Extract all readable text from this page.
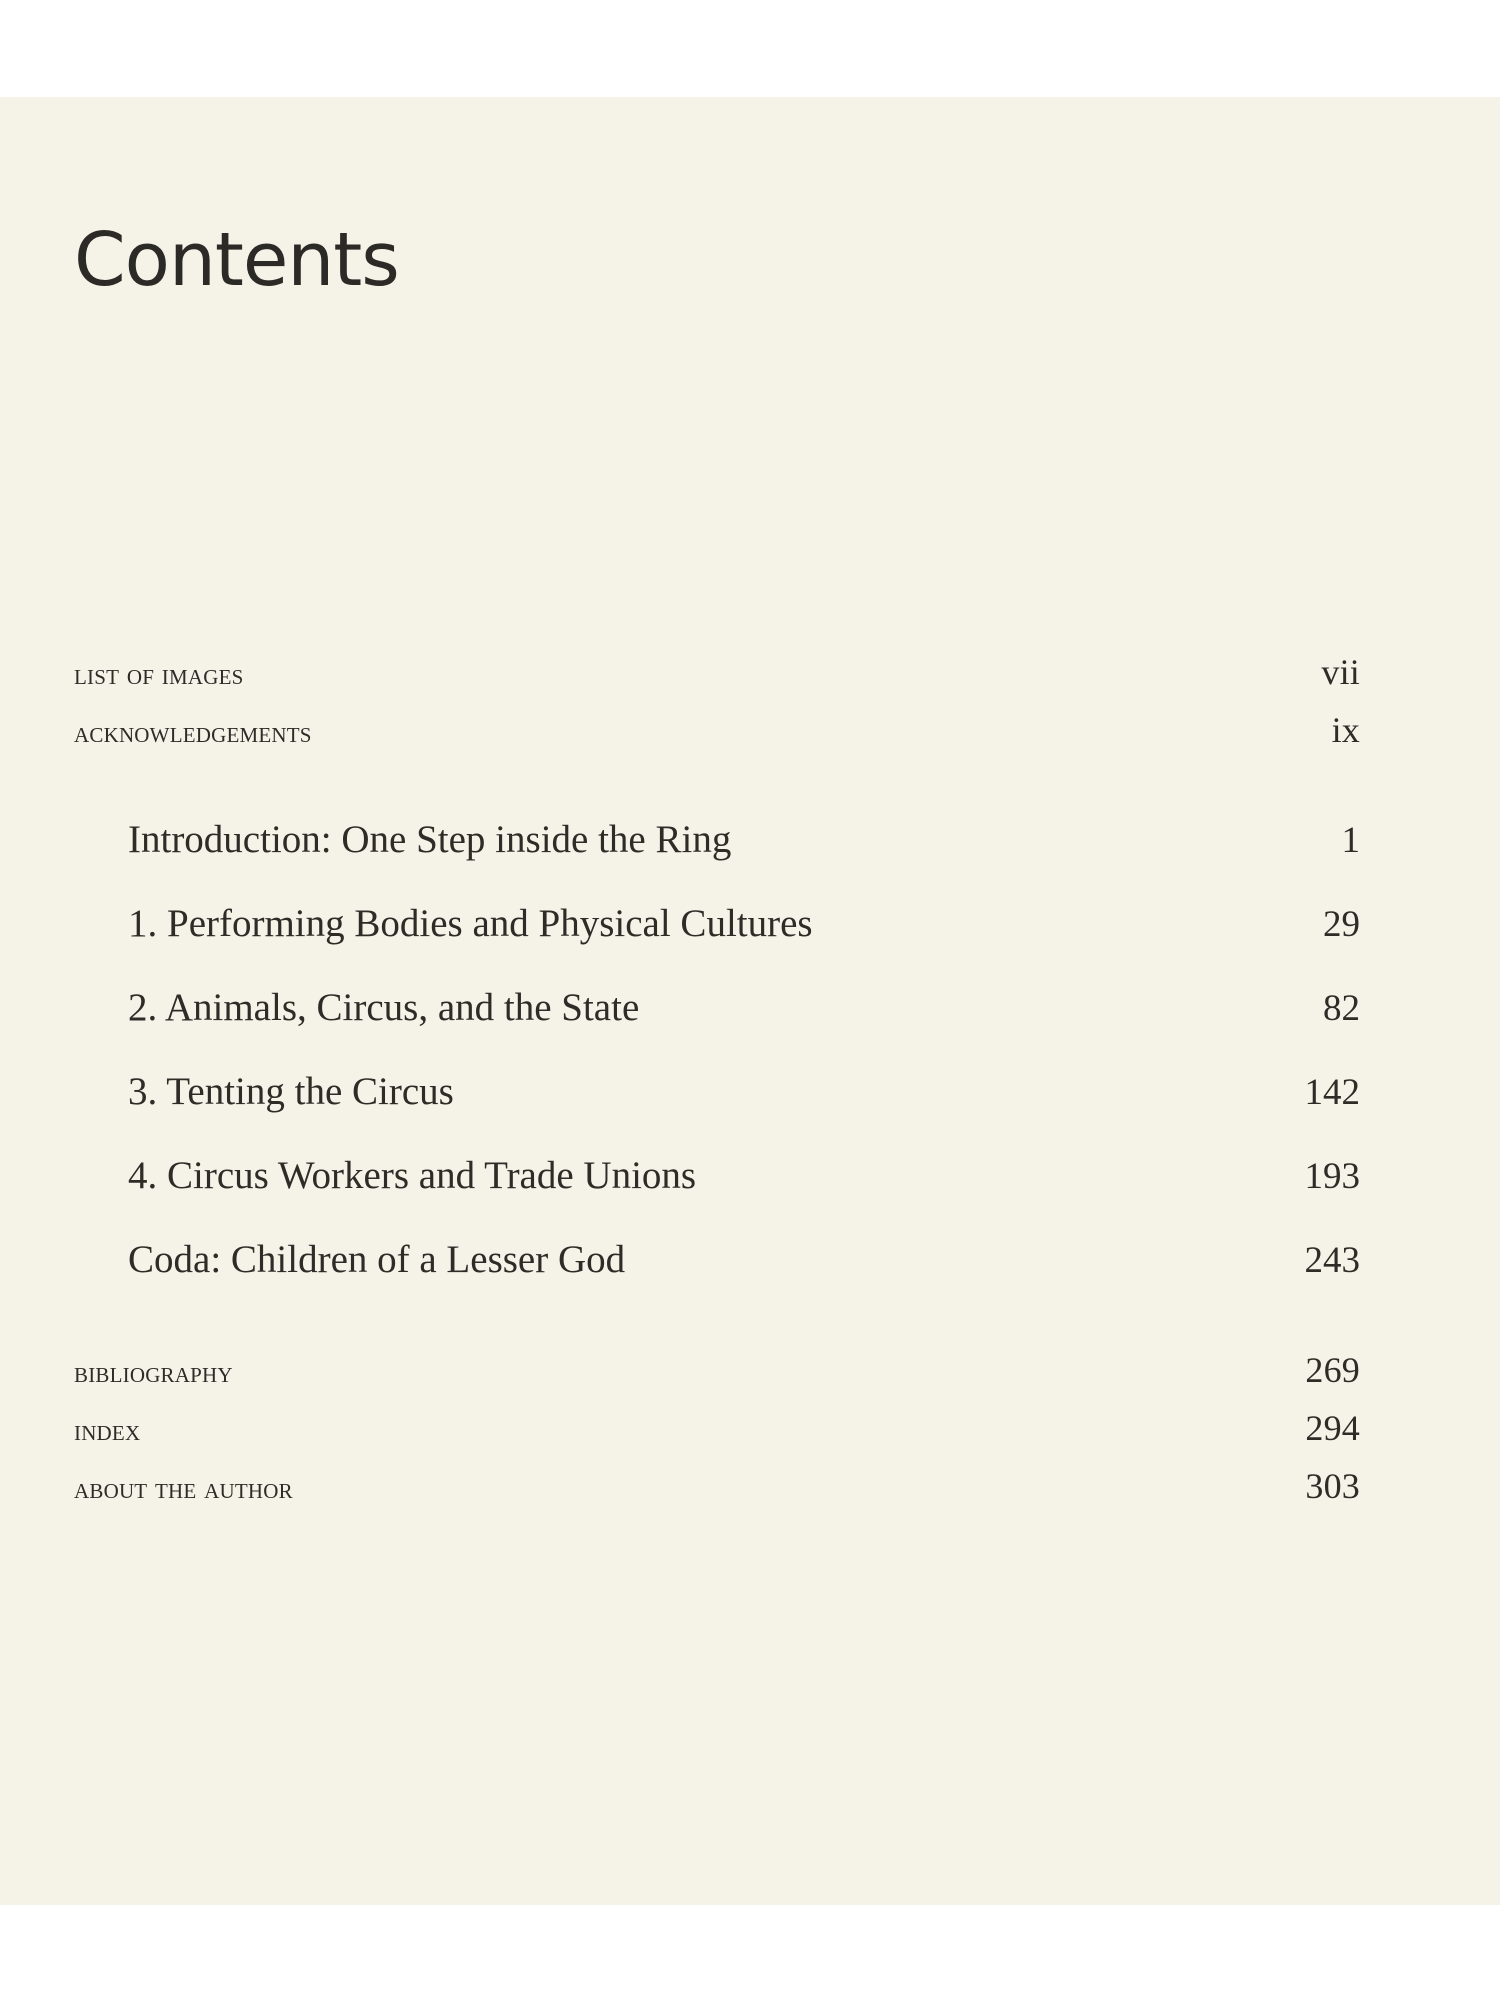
Contents
list of images	vii
acknowledgements	ix
Introduction: One Step inside the Ring	1
1. Performing Bodies and Physical Cultures	29
2. Animals, Circus, and the State	82
3. Tenting the Circus	142
4. Circus Workers and Trade Unions	193
Coda: Children of a Lesser God	243
bibliography	269
index	294
about the author	303
